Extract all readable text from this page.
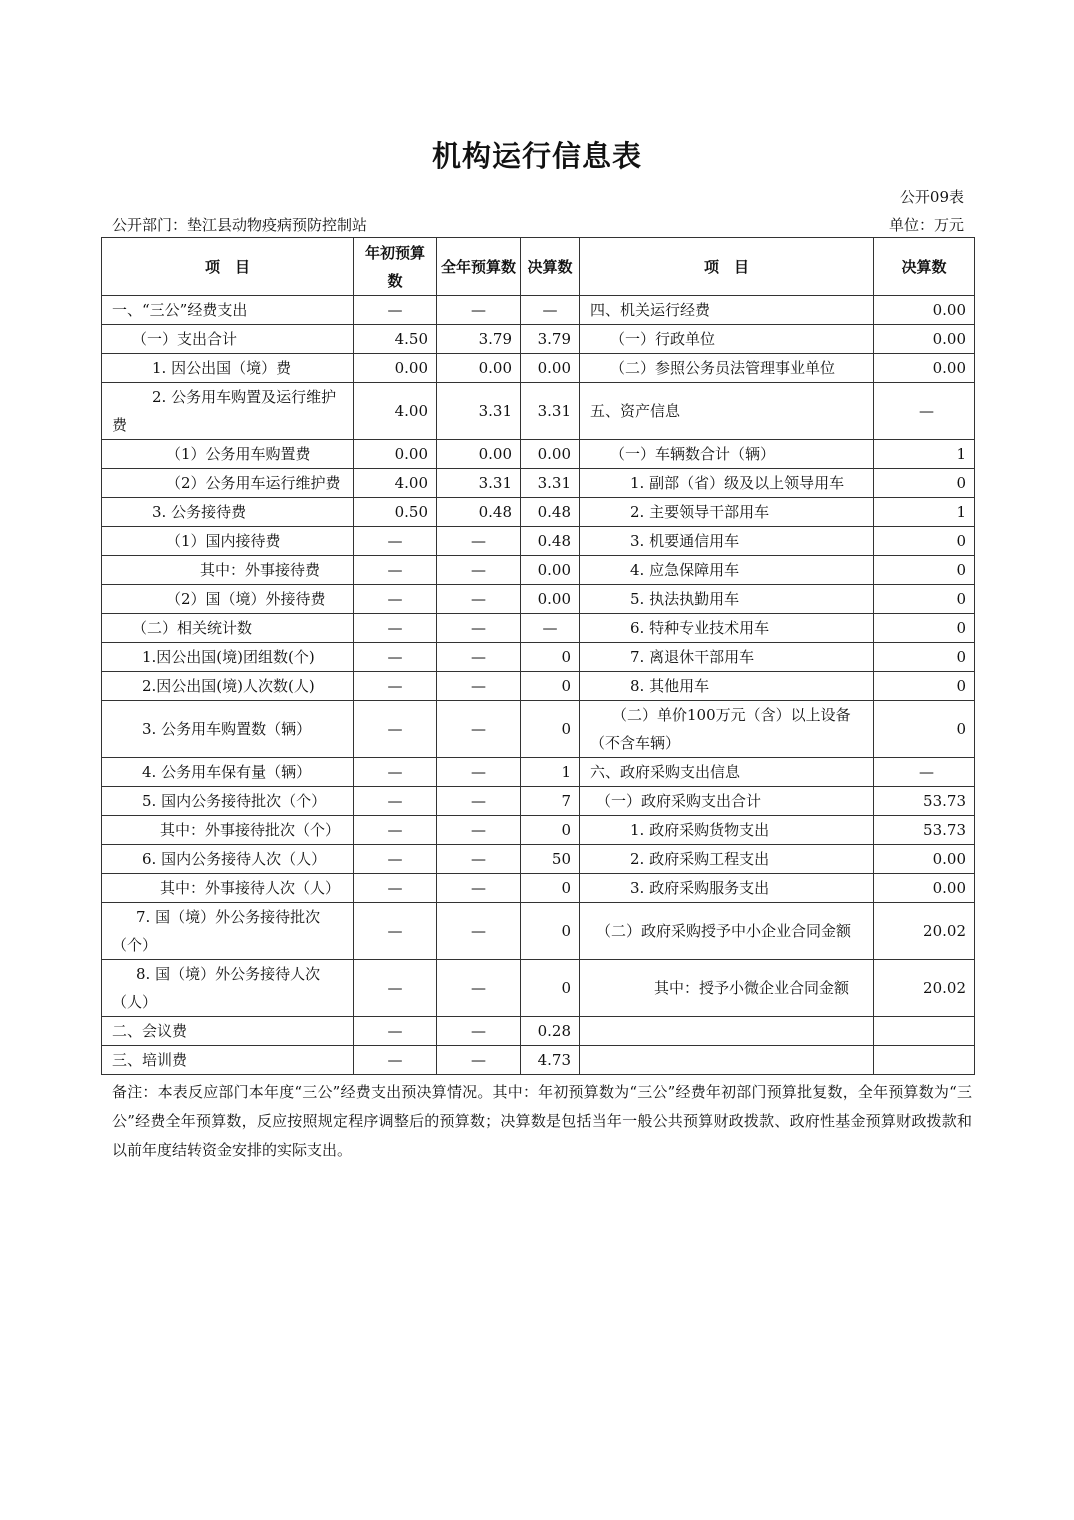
机构运行信息表
公开09表
公开部门：垫江县动物疫病预防控制站	单位：万元
项　目	年初预算数	全年预算数	决算数	项　目	决算数
一、“三公”经费支出	—	—	—	四、机关运行经费	0.00
（一）支出合计	4.50	3.79	3.79	（一）行政单位	0.00
1. 因公出国（境）费	0.00	0.00	0.00	（二）参照公务员法管理事业单位	0.00
2. 公务用车购置及运行维护费	4.00	3.31	3.31	五、资产信息	—
（1）公务用车购置费	0.00	0.00	0.00	（一）车辆数合计（辆）	1
（2）公务用车运行维护费	4.00	3.31	3.31	1. 副部（省）级及以上领导用车	0
3. 公务接待费	0.50	0.48	0.48	2. 主要领导干部用车	1
（1）国内接待费	—	—	0.48	3. 机要通信用车	0
其中：外事接待费	—	—	0.00	4. 应急保障用车	0
（2）国（境）外接待费	—	—	0.00	5. 执法执勤用车	0
（二）相关统计数	—	—	—	6. 特种专业技术用车	0
1.因公出国(境)团组数(个)	—	—	0	7. 离退休干部用车	0
2.因公出国(境)人次数(人)	—	—	0	8. 其他用车	0
3. 公务用车购置数（辆）	—	—	0	（二）单价100万元（含）以上设备（不含车辆）	0
4. 公务用车保有量（辆）	—	—	1	六、政府采购支出信息	—
5. 国内公务接待批次（个）	—	—	7	（一）政府采购支出合计	53.73
其中：外事接待批次（个）	—	—	0	1. 政府采购货物支出	53.73
6. 国内公务接待人次（人）	—	—	50	2. 政府采购工程支出	0.00
其中：外事接待人次（人）	—	—	0	3. 政府采购服务支出	0.00
7. 国（境）外公务接待批次（个）	—	—	0	（二）政府采购授予中小企业合同金额	20.02
8. 国（境）外公务接待人次（人）	—	—	0	其中：授予小微企业合同金额	20.02
二、会议费	—	—	0.28		
三、培训费	—	—	4.73		
备注：本表反应部门本年度“三公”经费支出预决算情况。其中：年初预算数为“三公”经费年初部门预算批复数，全年预算数为“三公”经费全年预算数，反应按照规定程序调整后的预算数；决算数是包括当年一般公共预算财政拨款、政府性基金预算财政拨款和以前年度结转资金安排的实际支出。
